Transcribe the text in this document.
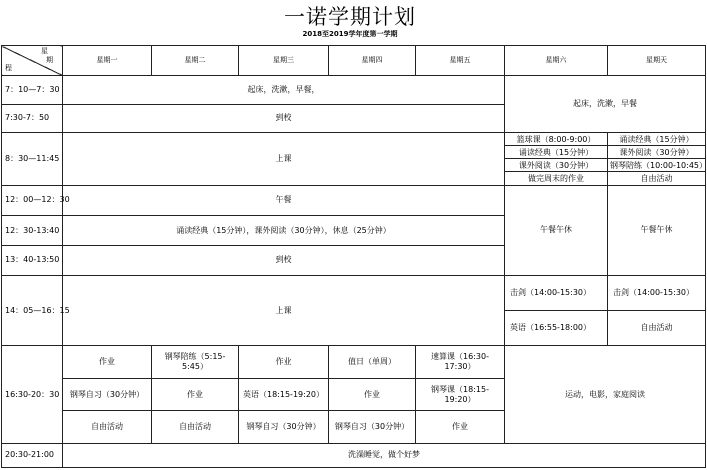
一诺学期计划
2018至2019学年度第一学期
星
期
程	星期一	星期二	星期三	星期四	星期五	星期六	星期天
7：10—7：30	起床，洗漱，早餐，					起床，洗漱，早餐	
7:30-7：50	到校						
8：30—11:45	上课					篮球课（8:00-9:00）	诵读经典（15分钟）
						诵读经典（15分钟）	课外阅读（30分钟）
						课外阅读（30分钟）	钢琴陪练（10:00-10:45）
						做完周末的作业	自由活动
12：00—12：30	午餐					午餐午休	午餐午休
12：30-13:40	诵读经典（15分钟），课外阅读（30分钟），休息（25分钟）						
13：40-13:50	到校						
14：05—16：15	上课					击剑（14:00-15:30）	击剑（14:00-15:30）
						英语（16:55-18:00）	自由活动
16:30-20：30	作业	钢琴陪练（5:15-5:45）	作业	值日（单周）	速算课（16:30-17:30）	运动，电影，家庭阅读	
	钢琴自习（30分钟）	作业	英语（18:15-19:20）	作业	钢琴课（18:15-19:20）		
	自由活动	自由活动	钢琴自习（30分钟）	钢琴自习（30分钟）	作业		
20:30-21:00	洗澡睡觉，做个好梦						
